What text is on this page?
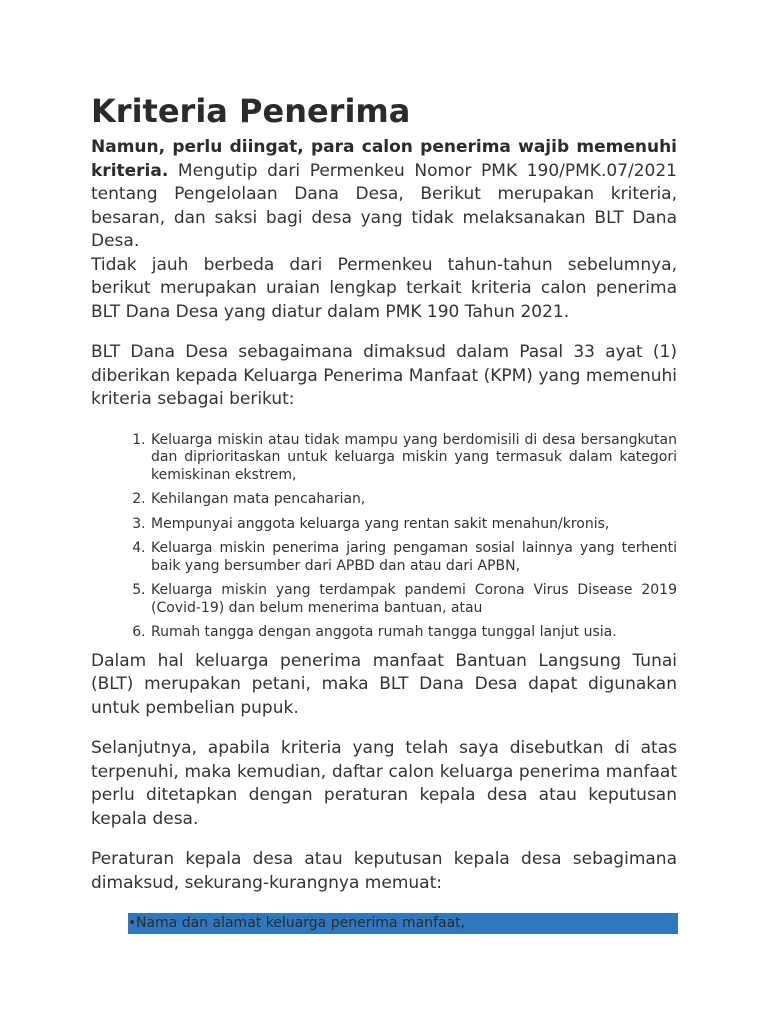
Kriteria Penerima

Namun, perlu diingat, para calon penerima wajib memenuhi kriteria. Mengutip dari Permenkeu Nomor PMK 190/PMK.07/2021 tentang Pengelolaan Dana Desa, Berikut merupakan kriteria, besaran, dan saksi bagi desa yang tidak melaksanakan BLT Dana Desa.

Tidak jauh berbeda dari Permenkeu tahun-tahun sebelumnya, berikut merupakan uraian lengkap terkait kriteria calon penerima BLT Dana Desa yang diatur dalam PMK 190 Tahun 2021.

BLT Dana Desa sebagaimana dimaksud dalam Pasal 33 ayat (1) diberikan kepada Keluarga Penerima Manfaat (KPM) yang memenuhi kriteria sebagai berikut:

1. Keluarga miskin atau tidak mampu yang berdomisili di desa bersangkutan dan diprioritaskan untuk keluarga miskin yang termasuk dalam kategori kemiskinan ekstrem,
2. Kehilangan mata pencaharian,
3. Mempunyai anggota keluarga yang rentan sakit menahun/kronis,
4. Keluarga miskin penerima jaring pengaman sosial lainnya yang terhenti baik yang bersumber dari APBD dan atau dari APBN,
5. Keluarga miskin yang terdampak pandemi Corona Virus Disease 2019 (Covid-19) dan belum menerima bantuan, atau
6. Rumah tangga dengan anggota rumah tangga tunggal lanjut usia.

Dalam hal keluarga penerima manfaat Bantuan Langsung Tunai (BLT) merupakan petani, maka BLT Dana Desa dapat digunakan untuk pembelian pupuk.

Selanjutnya, apabila kriteria yang telah saya disebutkan di atas terpenuhi, maka kemudian, daftar calon keluarga penerima manfaat perlu ditetapkan dengan peraturan kepala desa atau keputusan kepala desa.

Peraturan kepala desa atau keputusan kepala desa sebagimana dimaksud, sekurang-kurangnya memuat:

•Nama dan alamat keluarga penerima manfaat,
